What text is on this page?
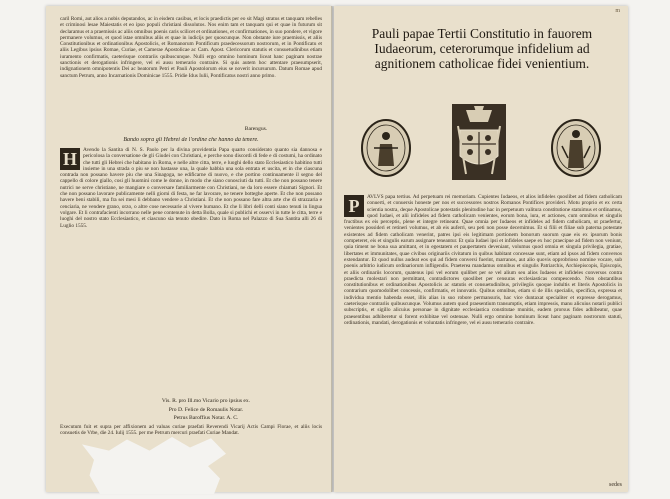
caril Romi, aut alios a nobis deputandos, ac in eisdem casibus, et locis praedictis per eo sit Magi stratus et tanquam rebelles et criminosi lesae Maiestatis et eo ipso populi christiani dissolutos. Nos enim tam et tanquam qui et quae in futurum sit declaramus et a praemissis ac aliis omnibus poenis caris scilicet et ordinationes, et confirmationes, in suo pondere, et vigore permanere volumus, et quod istae omnibus aliis et quae in iudicijs per quoscunque. Non obstante iure praemissis, et aliis Constitutionibus et ordinationibus Apostolicis, et Romanorum Pontificum praedecessorum nostrorum, et in Pontificatu et aliis Legibus ipsius Romae, Curiae, et Camerae Apostolicae ac Cam. Apost. Clericorum statutis et consuetudinibus etiam iuramento confirmatis, caeterisque contrariis quibuscunque. Nulli ergo omnino hominum liceat hanc paginam nostrae sanctionis et derogationis infringere, vel ei ausu temerario contraire. Si quis autem hoc attentare praesumpserit, indignationem omnipotentis Dei ac beatorum Petri et Pauli Apostolorum eius se noverit incursurum. Datum Romae apud sanctum Petrum, anno Incarnationis Dominicae 1555. Pridie Idus Iulii, Pontificatus nostri anno primo.
Barengus.
Bando sopra gli Hebrei de l'ordine che hanno da tenere.
H	Avendo la Santita di N. S. Paolo per la divina providentia Papa quarto considerato quanto sia dannosa e pericolosa la conversatione de gli Giudei con Christiani, e perche sono discordi di fede e di costumi, ha ordinato che tutti gli Hebrei che habitano in Roma, e nelle altre citta, terre, e luoghi dello stato Ecclesiastico habitino tutti insieme in una strada o piu se non bastasse una, la quale habbia una sola entrata et uscita, et in che ciascuna contrada non possano havere piu che una Sinagoga, ne edificarne di nuovo, e che portino continuamente il segno del cappello di colore giallo, cosi gli huomini come le donne, in modo che siano conosciuti da tutti. Et che non possano tenere nutrici ne serve christiane, ne mangiare o conversare familiarmente con Christiani, ne da loro essere chiamati Signori. Et che non possano lavorare publicamente nelli giorni di festa, ne far lavorare, ne tenere botteghe aperte. Et che non possano havere beni stabili, ma fra sei mesi li debbano vendere a Christiani. Et che non possano fare altra arte che di strazzaria e cenciaria, ne vendere grano, orzo, o altre cose necessarie al vivere humano. Et che li libri delli conti siano tenuti in lingua volgare. Et li contrafacienti incorrano nelle pene contenute in detta Bolla, quale si publichi et osservi in tutte le citta, terre e luoghi del nostro stato Ecclesiastico, et ciascuno sia tenuto obedire. Dato in Roma nel Palazzo di Sua Santita alli 26 di Luglio 1555.
Vis. R. pro Ill.mo Vicario pro ipsius ex.
Pro D. Felice de Romaulis Notar.
Petrus Baroffius Notar. A. C.
Executum fuit et supra per affixionem ad valuas curiae praefati Reverendi Vicarij Actis Campi Florae, et aliis locis consuetis de Vrbe, die 24. Iulij 1555. per me Petrum mercuri praefati Curiae Mandat.
m
Pauli papae Tertii Constitutio in fauorem Iudaeorum, ceterorumque infidelium ad agnitionem catholicae fidei venientium.
P	AVLVS papa tertius. Ad perpetuam rei memoriam. Cupientes Iudaeos, et alios infideles quoslibet ad fidem catholicam conuerti, et conuersis honeste per nos et successores nostros Romanos Pontifices provideri. Motu proprio et ex certa scientia nostra, deque Apostolicae potestatis plenitudine hac in perpetuum valitura constitutione statuimus et ordinamus, quod Iudaei, et alii infideles ad fidem catholicam venientes, eorum bona, iura, et actiones, cum omnibus et singulis fructibus ex eis perceptis, plene et integre retineant. Quae omnia per Iudaeos et infideles ad fidem catholicam, ut praefertur, venientes possideri et retineri volumus, et ab eis auferri, seu peti non posse decernimus. Et si filii et filiae sub paterna potestate existentes ad fidem catholicam venerint, patres ipsi eis legitimam portionem bonorum suorum quae eis ex ipsorum bonis competeret, eis et singulis earum assignare teneantur. Et quia Iudaei ipsi et infideles saepe ex hoc praecipue ad fidem non veniunt, quia timent ne bona sua amittant, et in egestatem et paupertatem deveniant, volumus quod omnia et singula privilegia, gratiae, libertates et immunitates, quae civibus originariis civitatum in quibus habitant concessae sunt, etiam ad ipsos ad fidem conversos extendantur. Et quod nullus audeat eos qui ad fidem conversi fuerint, marranos, aut alio quovis opprobrioso nomine vocare, sub poenis arbitrio iudicum ordinariorum infligendis. Praeterea mandamus omnibus et singulis Patriarchis, Archiepiscopis, Episcopis, et aliis ordinariis locorum, quatenus ipsi vel eorum quilibet per se vel alium seu alios Iudaeos et infideles conversos contra praedicta molestari non permittant, contradictores quoslibet per censuras ecclesiasticas compescendo. Non obstantibus constitutionibus et ordinationibus Apostolicis ac statutis et consuetudinibus, privilegiis quoque indultis et literis Apostolicis in contrarium quomodolibet concessis, confirmatis, et innovatis. Quibus omnibus, etiam si de illis specialis, specifica, expressa et individua mentio habenda esset, illis alias in suo robore permansuris, hac vice duntaxat specialiter et expresse derogamus, caeterisque contrariis quibuscunque. Volumus autem quod praesentium transumptis, etiam impressis, manu alicuius notarii publici subscriptis, et sigillo alicuius personae in dignitate ecclesiastica constitutae munitis, eadem prorsus fides adhibeatur, quae praesentibus adhiberetur si forent exhibitae vel ostensae. Nulli ergo omnino hominum liceat hanc paginam nostrorum statuti, ordinationis, mandati, derogationis et voluntatis infringere, vel ei ausu temerario contraire.
sedes
